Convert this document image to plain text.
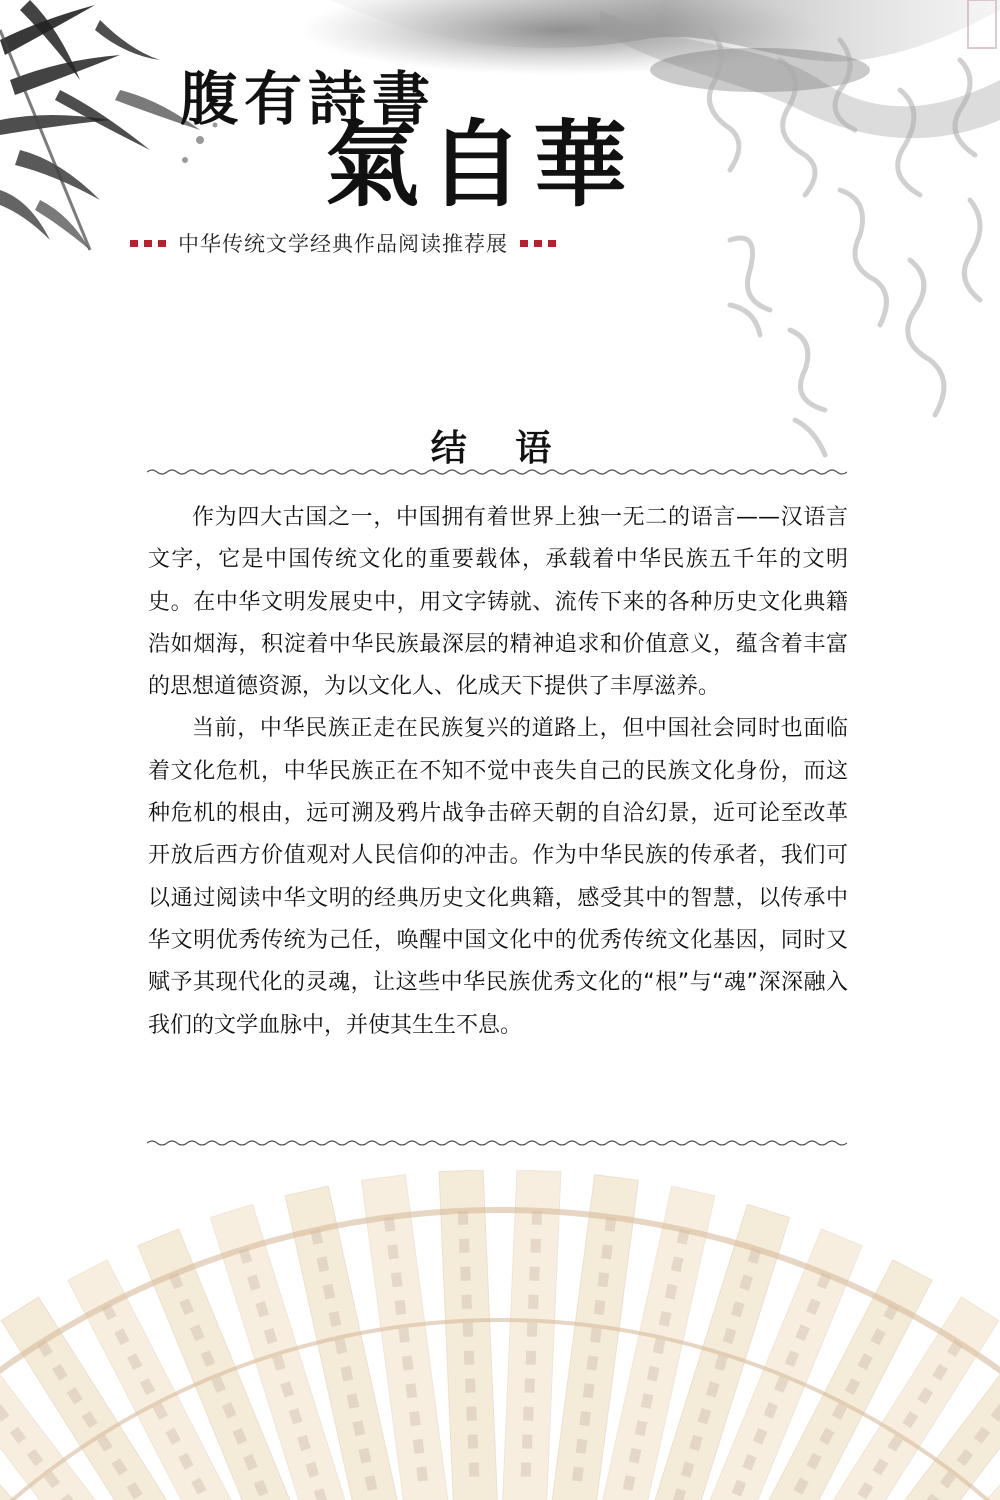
腹有詩書
氣自華
中华传统文学经典作品阅读推荐展
结 语

作为四大古国之一，中国拥有着世界上独一无二的语言——汉语言文字，它是中国传统文化的重要载体，承载着中华民族五千年的文明史。在中华文明发展史中，用文字铸就、流传下来的各种历史文化典籍浩如烟海，积淀着中华民族最深层的精神追求和价值意义，蕴含着丰富的思想道德资源，为以文化人、化成天下提供了丰厚滋养。

当前，中华民族正走在民族复兴的道路上，但中国社会同时也面临着文化危机，中华民族正在不知不觉中丧失自己的民族文化身份，而这种危机的根由，远可溯及鸦片战争击碎天朝的自洽幻景，近可论至改革开放后西方价值观对人民信仰的冲击。作为中华民族的传承者，我们可以通过阅读中华文明的经典历史文化典籍，感受其中的智慧，以传承中华文明优秀传统为己任，唤醒中国文化中的优秀传统文化基因，同时又赋予其现代化的灵魂，让这些中华民族优秀文化的“根”与“魂”深深融入我们的文学血脉中，并使其生生不息。
